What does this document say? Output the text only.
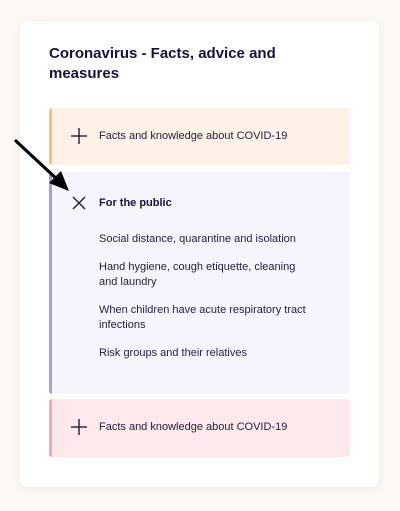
Coronavirus - Facts, advice and measures
Facts and knowledge about COVID-19
For the public
Social distance, quarantine and isolation
Hand hygiene, cough etiquette, cleaning and laundry
When children have acute respiratory tract infections
Risk groups and their relatives
Facts and knowledge about COVID-19
